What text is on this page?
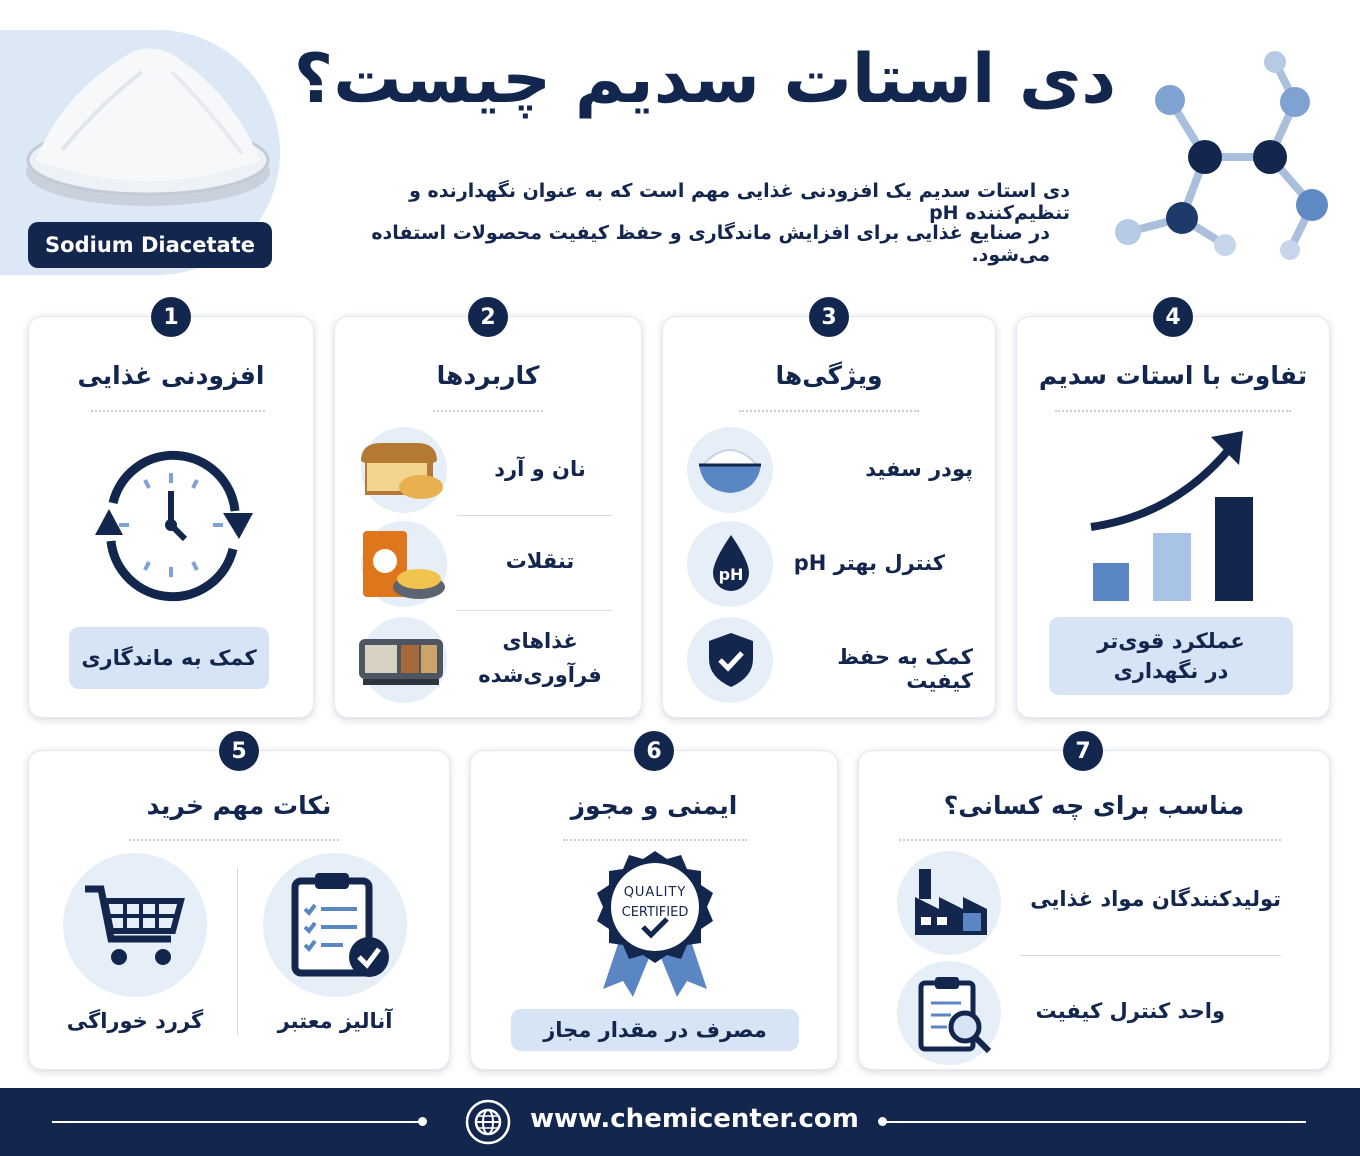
Sodium Diacetate
دی استات سدیم چیست؟
دی استات سدیم یک افزودنی غذایی مهم است که به عنوان نگهدارنده و تنظیم‌کننده pH
در صنایع غذایی برای افزایش ماندگاری و حفظ کیفیت محصولات استفاده می‌شود.
1
افزودنی غذایی
کمک به ماندگاری
2
کاربردها
نان و آرد
تنقلات
غذاهای
فرآوری‌شده
3
ویژگی‌ها
پودر سفید
pH	کنترل بهتر pH
کمک به حفظ کیفیت
4
تفاوت با استات سدیم
عملکرد قوی‌تر
در نگهداری
5
نکات مهم خرید
گررد خوراگی	آنالیز معتبر
6
ایمنی و مجوز
QUALITY
CERTIFIED
مصرف در مقدار مجاز
7
مناسب برای چه کسانی؟
تولیدکنندگان مواد غذایی
واحد کنترل کیفیت
www.chemicenter.com
